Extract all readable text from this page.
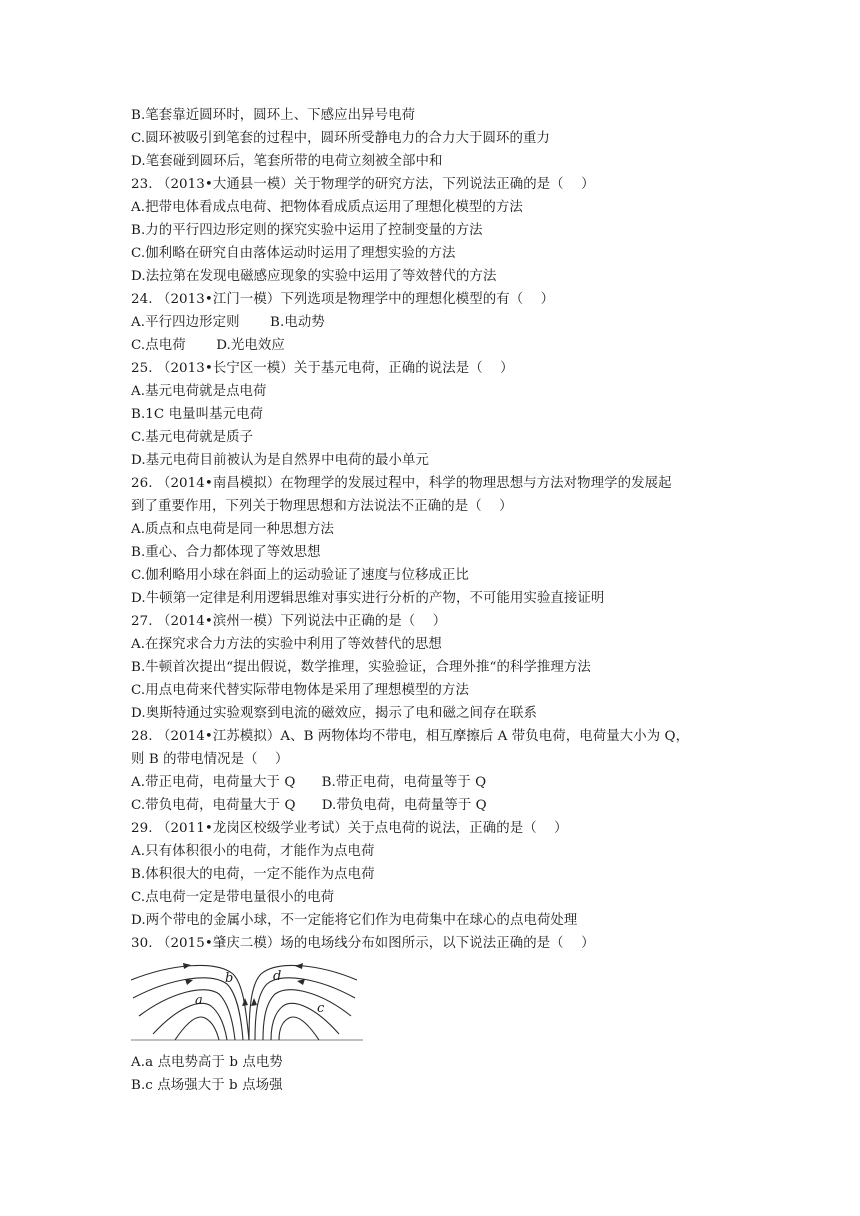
B.笔套靠近圆环时，圆环上、下感应出异号电荷
C.圆环被吸引到笔套的过程中，圆环所受静电力的合力大于圆环的重力
D.笔套碰到圆环后，笔套所带的电荷立刻被全部中和
23. （2013•大通县一模）关于物理学的研究方法，下列说法正确的是（    ）
A.把带电体看成点电荷、把物体看成质点运用了理想化模型的方法
B.力的平行四边形定则的探究实验中运用了控制变量的方法
C.伽利略在研究自由落体运动时运用了理想实验的方法
D.法拉第在发现电磁感应现象的实验中运用了等效替代的方法
24. （2013•江门一模）下列选项是物理学中的理想化模型的有（    ）
A.平行四边形定则       B.电动势
C.点电荷       D.光电效应
25. （2013•长宁区一模）关于基元电荷，正确的说法是（    ）
A.基元电荷就是点电荷
B.1C 电量叫基元电荷
C.基元电荷就是质子
D.基元电荷目前被认为是自然界中电荷的最小单元
26. （2014•南昌模拟）在物理学的发展过程中，科学的物理思想与方法对物理学的发展起
到了重要作用，下列关于物理思想和方法说法不正确的是（    ）
A.质点和点电荷是同一种思想方法
B.重心、合力都体现了等效思想
C.伽利略用小球在斜面上的运动验证了速度与位移成正比
D.牛顿第一定律是利用逻辑思维对事实进行分析的产物，不可能用实验直接证明
27. （2014•滨州一模）下列说法中正确的是（    ）
A.在探究求合力方法的实验中利用了等效替代的思想
B.牛顿首次提出“提出假说，数学推理，实验验证，合理外推“的科学推理方法
C.用点电荷来代替实际带电物体是采用了理想模型的方法
D.奥斯特通过实验观察到电流的磁效应，揭示了电和磁之间存在联系
28. （2014•江苏模拟）A、B 两物体均不带电，相互摩擦后 A 带负电荷，电荷量大小为 Q，
则 B 的带电情况是（    ）
A.带正电荷，电荷量大于 Q      B.带正电荷，电荷量等于 Q
C.带负电荷，电荷量大于 Q      D.带负电荷，电荷量等于 Q
29. （2011•龙岗区校级学业考试）关于点电荷的说法，正确的是（    ）
A.只有体积很小的电荷，才能作为点电荷
B.体积很大的电荷，一定不能作为点电荷
C.点电荷一定是带电量很小的电荷
D.两个带电的金属小球，不一定能将它们作为电荷集中在球心的点电荷处理
30. （2015•肇庆二模）场的电场线分布如图所示，以下说法正确的是（    ）
a
b
c
d
A.a 点电势高于 b 点电势
B.c 点场强大于 b 点场强
